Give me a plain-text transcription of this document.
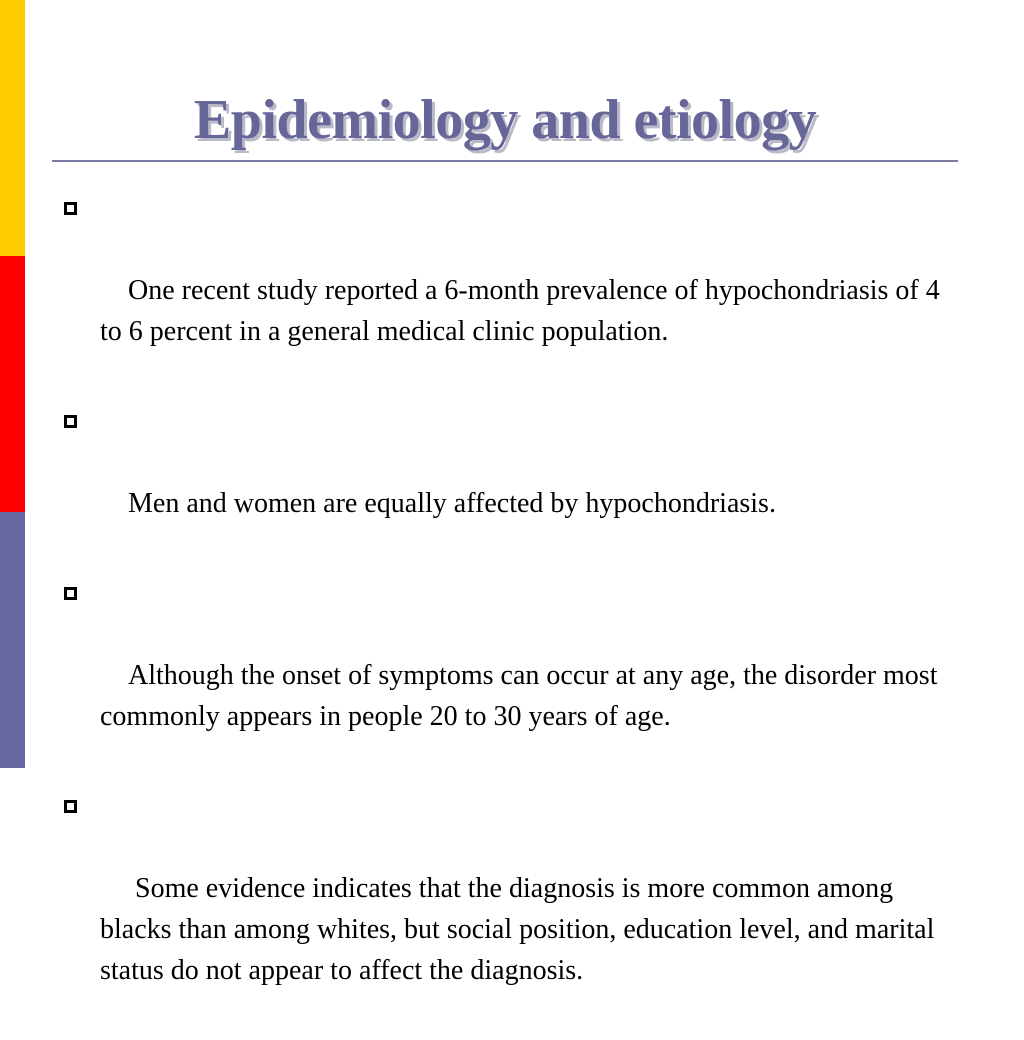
Epidemiology and etiology

One recent study reported a 6-month prevalence of hypochondriasis of 4 to 6 percent in a general medical clinic population.

Men and women are equally affected by hypochondriasis.

Although the onset of symptoms can occur at any age, the disorder most commonly appears in people 20 to 30 years of age.

Some evidence indicates that the diagnosis is more common among blacks than among whites, but social position, education level, and marital status do not appear to affect the diagnosis.
